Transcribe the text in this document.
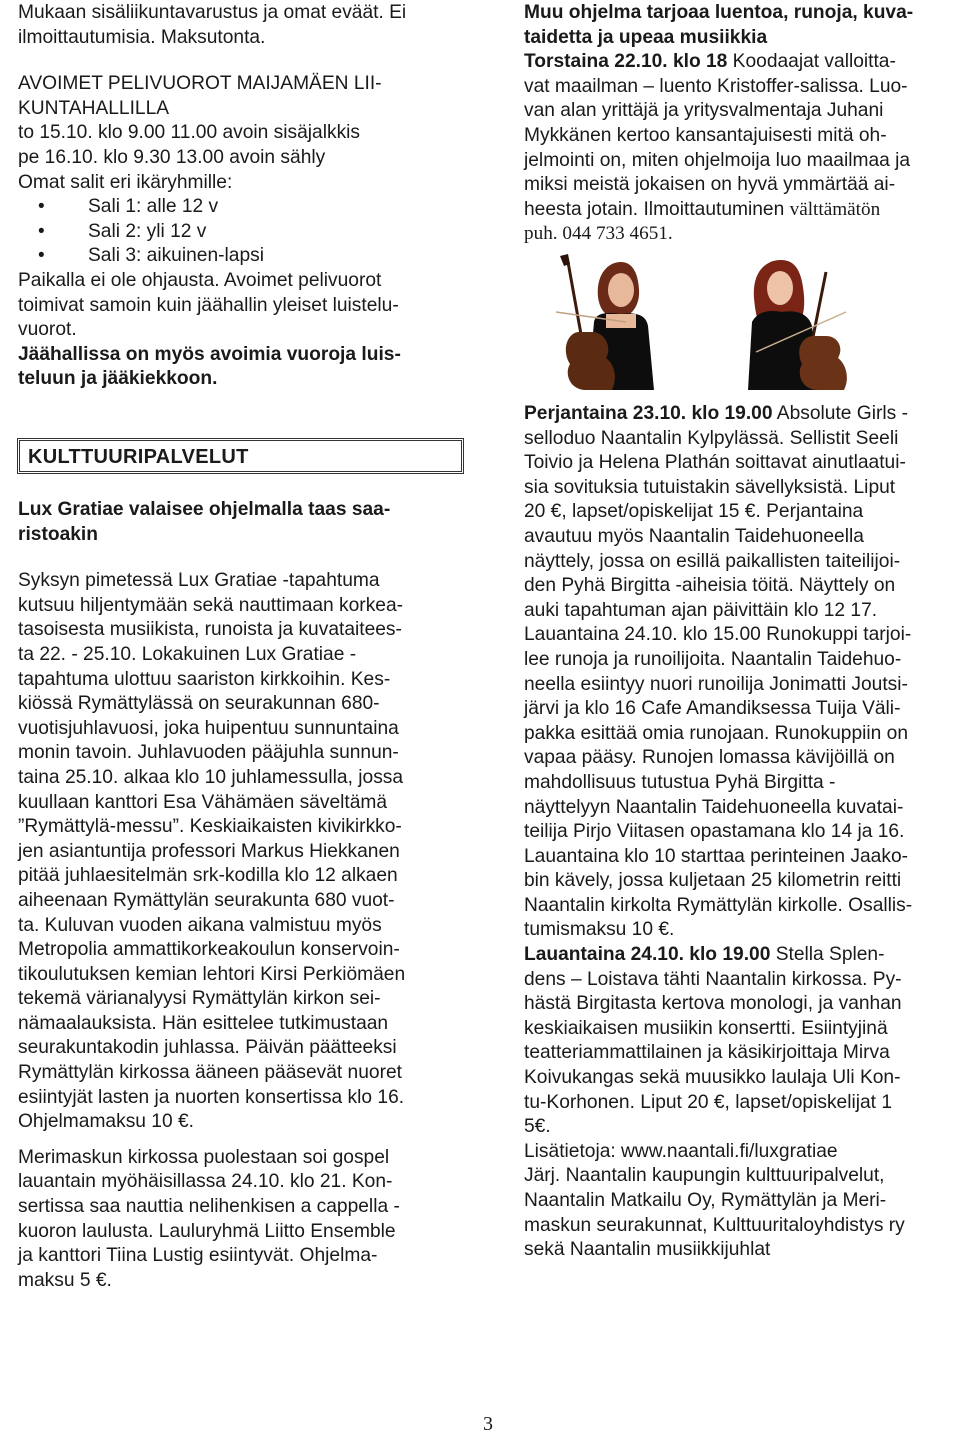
Mukaan sisäliikuntavarustus ja omat eväät. Ei

ilmoittautumisia. Maksutonta.

AVOIMET PELIVUOROT MAIJAMÄEN LII-

KUNTAHALLILLA

to 15.10. klo 9.00 11.00 avoin sisäjalkkis

pe 16.10. klo 9.30 13.00 avoin sähly

Omat salit eri ikäryhmille:

• Sali 1: alle 12 v
• Sali 2: yli 12 v
• Sali 3: aikuinen-lapsi

Paikalla ei ole ohjausta. Avoimet pelivuorot

toimivat samoin kuin jäähallin yleiset luistelu-

vuorot.

Jäähallissa on myös avoimia vuoroja luis-

teluun ja jääkiekkoon.

KULTTUURIPALVELUT

Lux Gratiae valaisee ohjelmalla taas saa-

ristoakin

Syksyn pimetessä Lux Gratiae -tapahtuma

kutsuu hiljentymään sekä nauttimaan korkea-

tasoisesta musiikista, runoista ja kuvataitees-

ta 22. - 25.10. Lokakuinen Lux Gratiae -

tapahtuma ulottuu saariston kirkkoihin. Kes-

kiössä Rymättylässä on seurakunnan 680-

vuotisjuhlavuosi, joka huipentuu sunnuntaina

monin tavoin. Juhlavuoden pääjuhla sunnun-

taina 25.10. alkaa klo 10 juhlamessulla, jossa

kuullaan kanttori Esa Vähämäen säveltämä

”Rymättylä-messu”. Keskiaikaisten kivikirkko-

jen asiantuntija professori Markus Hiekkanen

pitää juhlaesitelmän srk-kodilla klo 12 alkaen

aiheenaan Rymättylän seurakunta 680 vuot-

ta. Kuluvan vuoden aikana valmistuu myös

Metropolia ammattikorkeakoulun konservoin-

tikoulutuksen kemian lehtori Kirsi Perkiömäen

tekemä värianalyysi Rymättylän kirkon sei-

nämaalauksista. Hän esittelee tutkimustaan

seurakuntakodin juhlassa. Päivän päätteeksi

Rymättylän kirkossa ääneen pääsevät nuoret

esiintyjät lasten ja nuorten konsertissa klo 16.

Ohjelmamaksu 10 €.

Merimaskun kirkossa puolestaan soi gospel

lauantain myöhäisillassa 24.10. klo 21. Kon-

sertissa saa nauttia nelihenkisen a cappella -

kuoron laulusta. Lauluryhmä Liitto Ensemble

ja kanttori Tiina Lustig esiintyvät. Ohjelma-

maksu 5 €.

Muu ohjelma tarjoaa luentoa, runoja, kuva-

taidetta ja upeaa musiikkia

Torstaina 22.10. klo 18 Koodaajat valloitta-

vat maailman – luento Kristoffer-salissa. Luo-

van alan yrittäjä ja yritysvalmentaja Juhani

Mykkänen kertoo kansantajuisesti mitä oh-

jelmointi on, miten ohjelmoija luo maailmaa ja

miksi meistä jokaisen on hyvä ymmärtää ai-

heesta jotain. Ilmoittautuminen välttämätön

puh. 044 733 4651.

Perjantaina 23.10. klo 19.00 Absolute Girls -

selloduo Naantalin Kylpylässä. Sellistit Seeli

Toivio ja Helena Plathán soittavat ainutlaatui-

sia sovituksia tutuistakin sävellyksistä. Liput

20 €, lapset/opiskelijat 15 €. Perjantaina

avautuu myös Naantalin Taidehuoneella

näyttely, jossa on esillä paikallisten taiteilijoi-

den Pyhä Birgitta -aiheisia töitä. Näyttely on

auki tapahtuman ajan päivittäin klo 12 17.

Lauantaina 24.10. klo 15.00 Runokuppi tarjoi-

lee runoja ja runoilijoita. Naantalin Taidehuo-

neella esiintyy nuori runoilija Jonimatti Joutsi-

järvi ja klo 16 Cafe Amandiksessa Tuija Väli-

pakka esittää omia runojaan. Runokuppiin on

vapaa pääsy. Runojen lomassa kävijöillä on

mahdollisuus tutustua Pyhä Birgitta -

näyttelyyn Naantalin Taidehuoneella kuvatai-

teilija Pirjo Viitasen opastamana klo 14 ja 16.

Lauantaina klo 10 starttaa perinteinen Jaako-

bin kävely, jossa kuljetaan 25 kilometrin reitti

Naantalin kirkolta Rymättylän kirkolle. Osallis-

tumismaksu 10 €.

Lauantaina 24.10. klo 19.00 Stella Splen-

dens – Loistava tähti Naantalin kirkossa. Py-

hästä Birgitasta kertova monologi, ja vanhan

keskiaikaisen musiikin konsertti. Esiintyjinä

teatteriammattilainen ja käsikirjoittaja Mirva

Koivukangas sekä muusikko laulaja Uli Kon-

tu-Korhonen. Liput 20 €, lapset/opiskelijat 1

5€.

Lisätietoja: www.naantali.fi/luxgratiae

Järj. Naantalin kaupungin kulttuuripalvelut,

Naantalin Matkailu Oy, Rymättylän ja Meri-

maskun seurakunnat, Kulttuuritaloyhdistys ry

sekä Naantalin musiikkijuhlat

3
